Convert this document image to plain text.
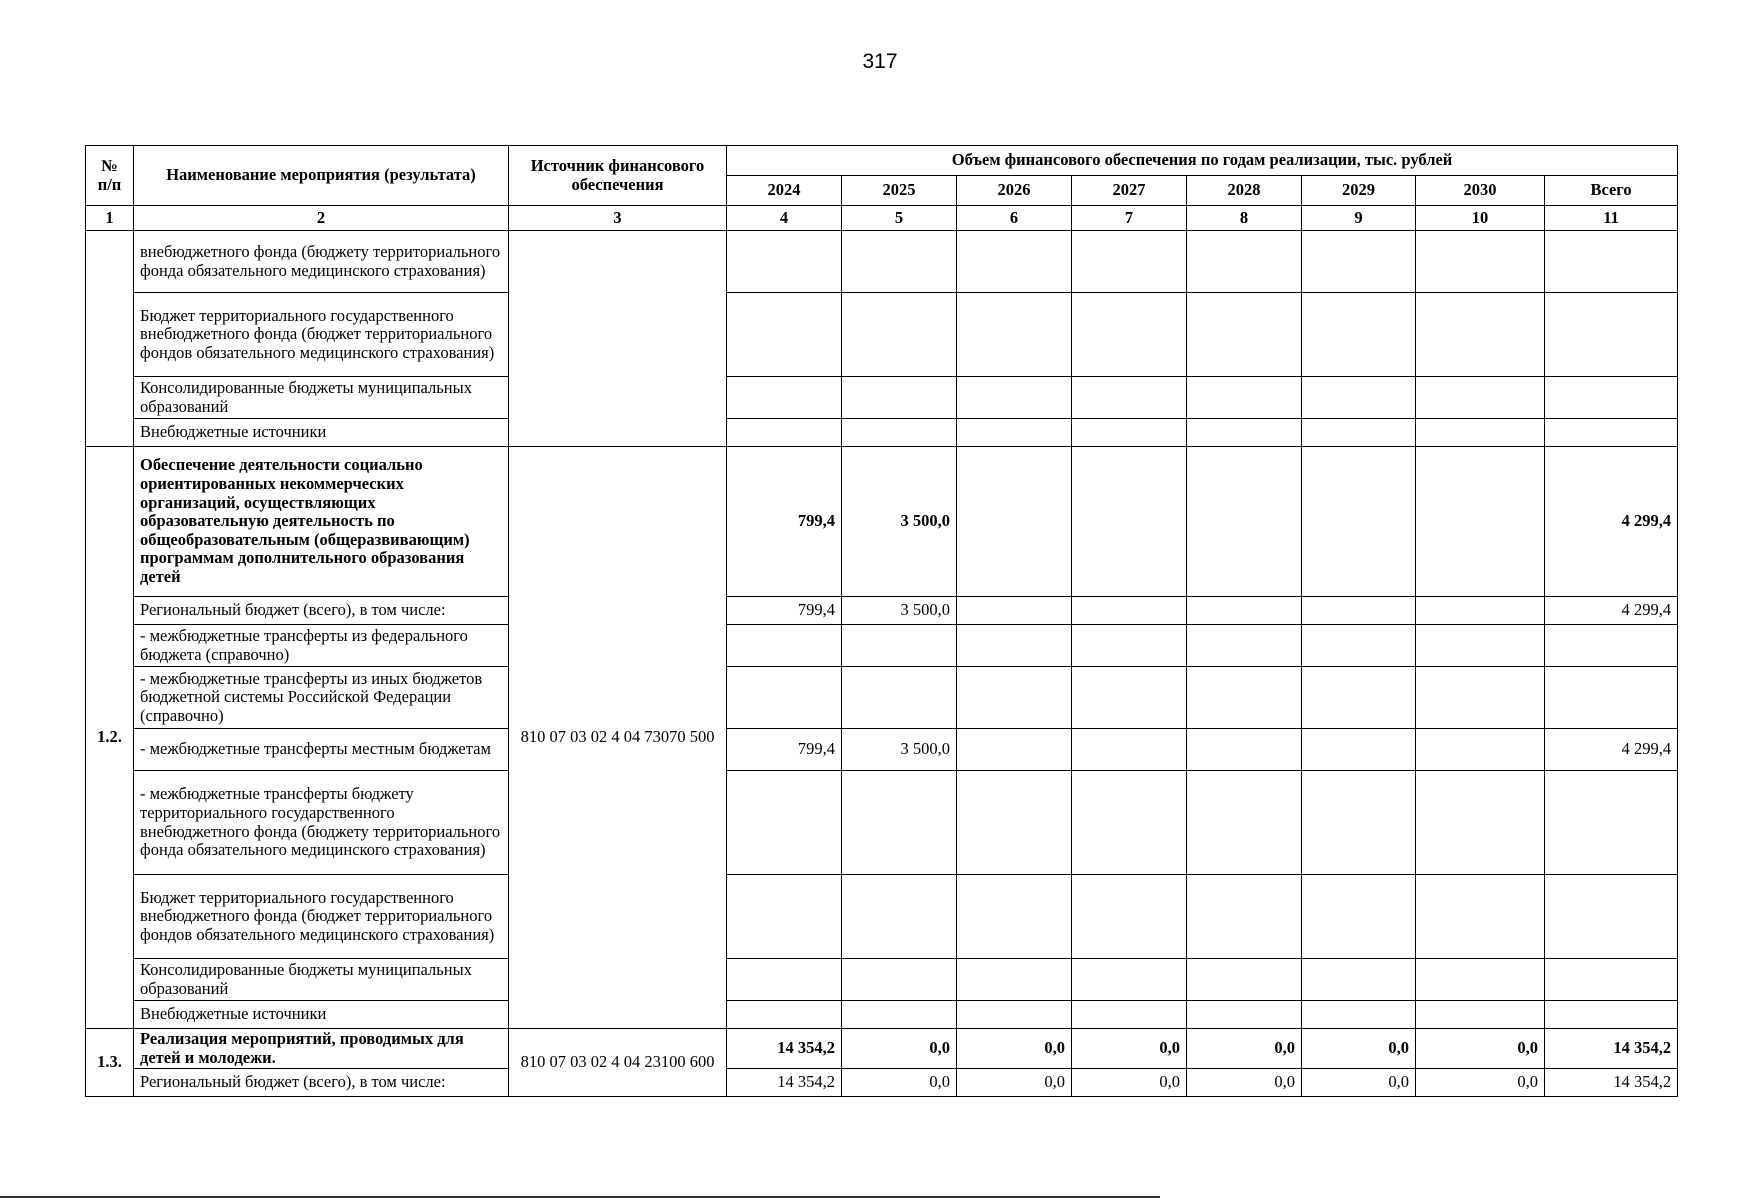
317
№
п/п	Наименование мероприятия (результата)	Источник финансового обеспечения	Объем финансового обеспечения по годам реализации, тыс. рублей							
			2024	2025	2026	2027	2028	2029	2030	Всего
1	2	3	4	5	6	7	8	9	10	11
	внебюджетного фонда (бюджету территориального фонда обязательного медицинского страхования)									
	Бюджет территориального государственного внебюджетного фонда (бюджет территориального фондов обязательного медицинского страхования)									
	Консолидированные бюджеты муниципальных образований									
	Внебюджетные источники									
1.2.	Обеспечение деятельности социально ориентированных некоммерческих организаций, осуществляющих образовательную деятельность по общеобразовательным (общеразвивающим) программам дополнительного образования детей	810 07 03 02 4 04 73070 500	799,4	3 500,0						4 299,4
	Региональный бюджет (всего), в том числе:		799,4	3 500,0						4 299,4
	- межбюджетные трансферты из федерального бюджета (справочно)									
	- межбюджетные трансферты из иных бюджетов бюджетной системы Российской Федерации (справочно)									
	- межбюджетные трансферты местным бюджетам		799,4	3 500,0						4 299,4
	- межбюджетные трансферты бюджету территориального государственного внебюджетного фонда (бюджету территориального фонда обязательного медицинского страхования)									
	Бюджет территориального государственного внебюджетного фонда (бюджет территориального фондов обязательного медицинского страхования)									
	Консолидированные бюджеты муниципальных образований									
	Внебюджетные источники									
1.3.	Реализация мероприятий, проводимых для детей и молодежи.	810 07 03 02 4 04 23100 600	14 354,2	0,0	0,0	0,0	0,0	0,0	0,0	14 354,2
	Региональный бюджет (всего), в том числе:		14 354,2	0,0	0,0	0,0	0,0	0,0	0,0	14 354,2
